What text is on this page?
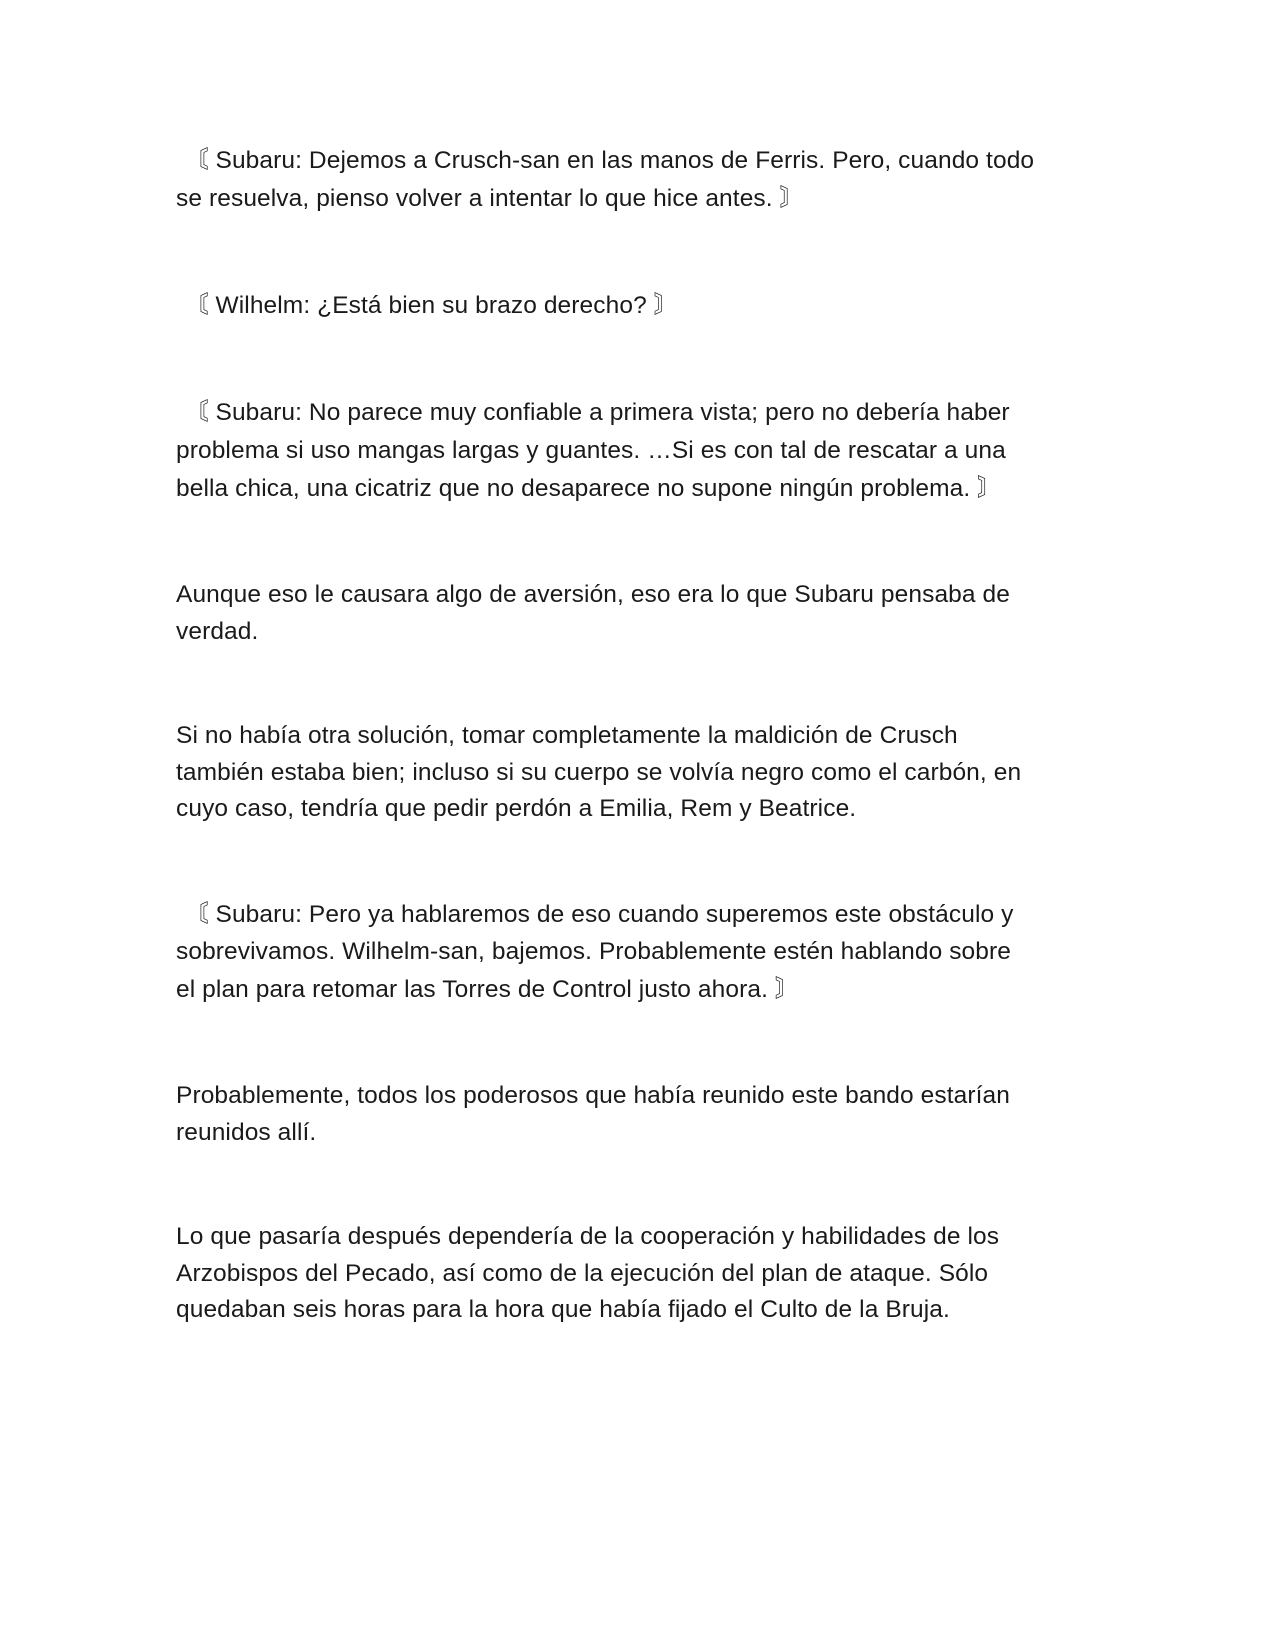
〘 Subaru: Dejemos a Crusch-san en las manos de Ferris. Pero, cuando todo
se resuelva, pienso volver a intentar lo que hice antes. 〙
〘 Wilhelm: ¿Está bien su brazo derecho? 〙
〘 Subaru: No parece muy confiable a primera vista; pero no debería haber
problema si uso mangas largas y guantes. …Si es con tal de rescatar a una
bella chica, una cicatriz que no desaparece no supone ningún problema. 〙
Aunque eso le causara algo de aversión, eso era lo que Subaru pensaba de
verdad.
Si no había otra solución, tomar completamente la maldición de Crusch
también estaba bien; incluso si su cuerpo se volvía negro como el carbón, en
cuyo caso, tendría que pedir perdón a Emilia, Rem y Beatrice.
〘 Subaru: Pero ya hablaremos de eso cuando superemos este obstáculo y
sobrevivamos. Wilhelm-san, bajemos. Probablemente estén hablando sobre
el plan para retomar las Torres de Control justo ahora. 〙
Probablemente, todos los poderosos que había reunido este bando estarían
reunidos allí.
Lo que pasaría después dependería de la cooperación y habilidades de los
Arzobispos del Pecado, así como de la ejecución del plan de ataque. Sólo
quedaban seis horas para la hora que había fijado el Culto de la Bruja.
